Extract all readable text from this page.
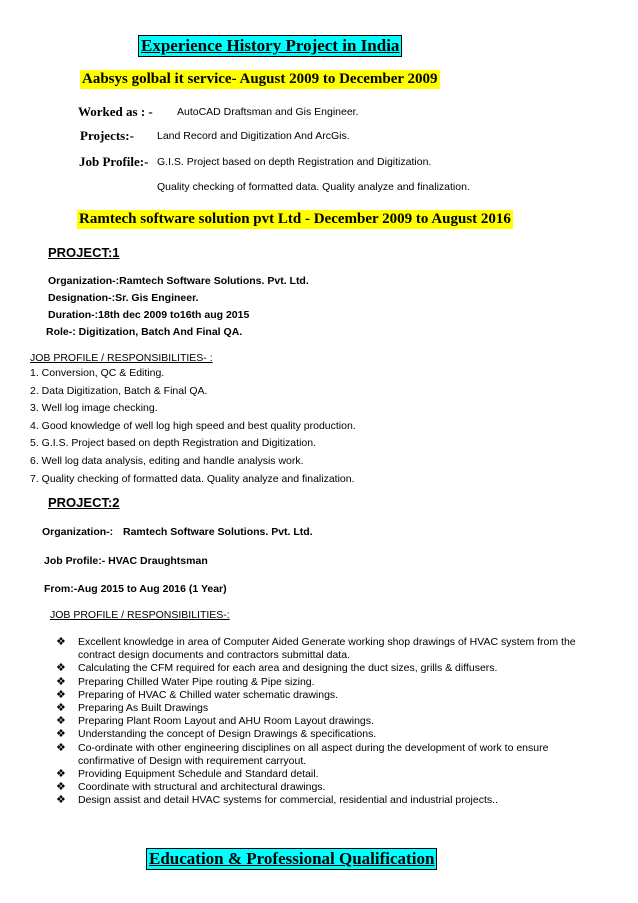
Experience History Project in India
Aabsys golbal it service- August 2009 to December 2009
Worked as : - AutoCAD Draftsman and Gis Engineer.
Projects:- Land Record and Digitization And ArcGis.
Job Profile:- G.I.S. Project based on depth Registration and Digitization.
Quality checking of formatted data. Quality analyze and finalization.
Ramtech software solution pvt Ltd - December 2009 to August 2016
PROJECT:1
Organization-:Ramtech Software Solutions. Pvt. Ltd.
Designation-:Sr. Gis Engineer.
Duration-:18th dec 2009 to16th aug 2015
Role-: Digitization, Batch And Final QA.
JOB PROFILE / RESPONSIBILITIES- :
1. Conversion, QC & Editing.
2. Data Digitization, Batch & Final QA.
3. Well log image checking.
4. Good knowledge of well log high speed and best quality production.
5. G.I.S. Project based on depth Registration and Digitization.
6. Well log data analysis, editing and handle analysis work.
7. Quality checking of formatted data. Quality analyze and finalization.
PROJECT:2
Organization-: Ramtech Software Solutions. Pvt. Ltd.
Job Profile:- HVAC Draughtsman
From:-Aug 2015 to Aug 2016 (1 Year)
JOB PROFILE / RESPONSIBILITIES-:
❖ Excellent knowledge in area of Computer Aided Generate working shop drawings of HVAC system from the
contract design documents and contractors submittal data.
❖ Calculating the CFM required for each area and designing the duct sizes, grills & diffusers.
❖ Preparing Chilled Water Pipe routing & Pipe sizing.
❖ Preparing of HVAC & Chilled water schematic drawings.
❖ Preparing As Built Drawings
❖ Preparing Plant Room Layout and AHU Room Layout drawings.
❖ Understanding the concept of Design Drawings & specifications.
❖ Co-ordinate with other engineering disciplines on all aspect during the development of work to ensure
confirmative of Design with requirement carryout.
❖ Providing Equipment Schedule and Standard detail.
❖ Coordinate with structural and architectural drawings.
❖ Design assist and detail HVAC systems for commercial, residential and industrial projects..
Education & Professional Qualification
